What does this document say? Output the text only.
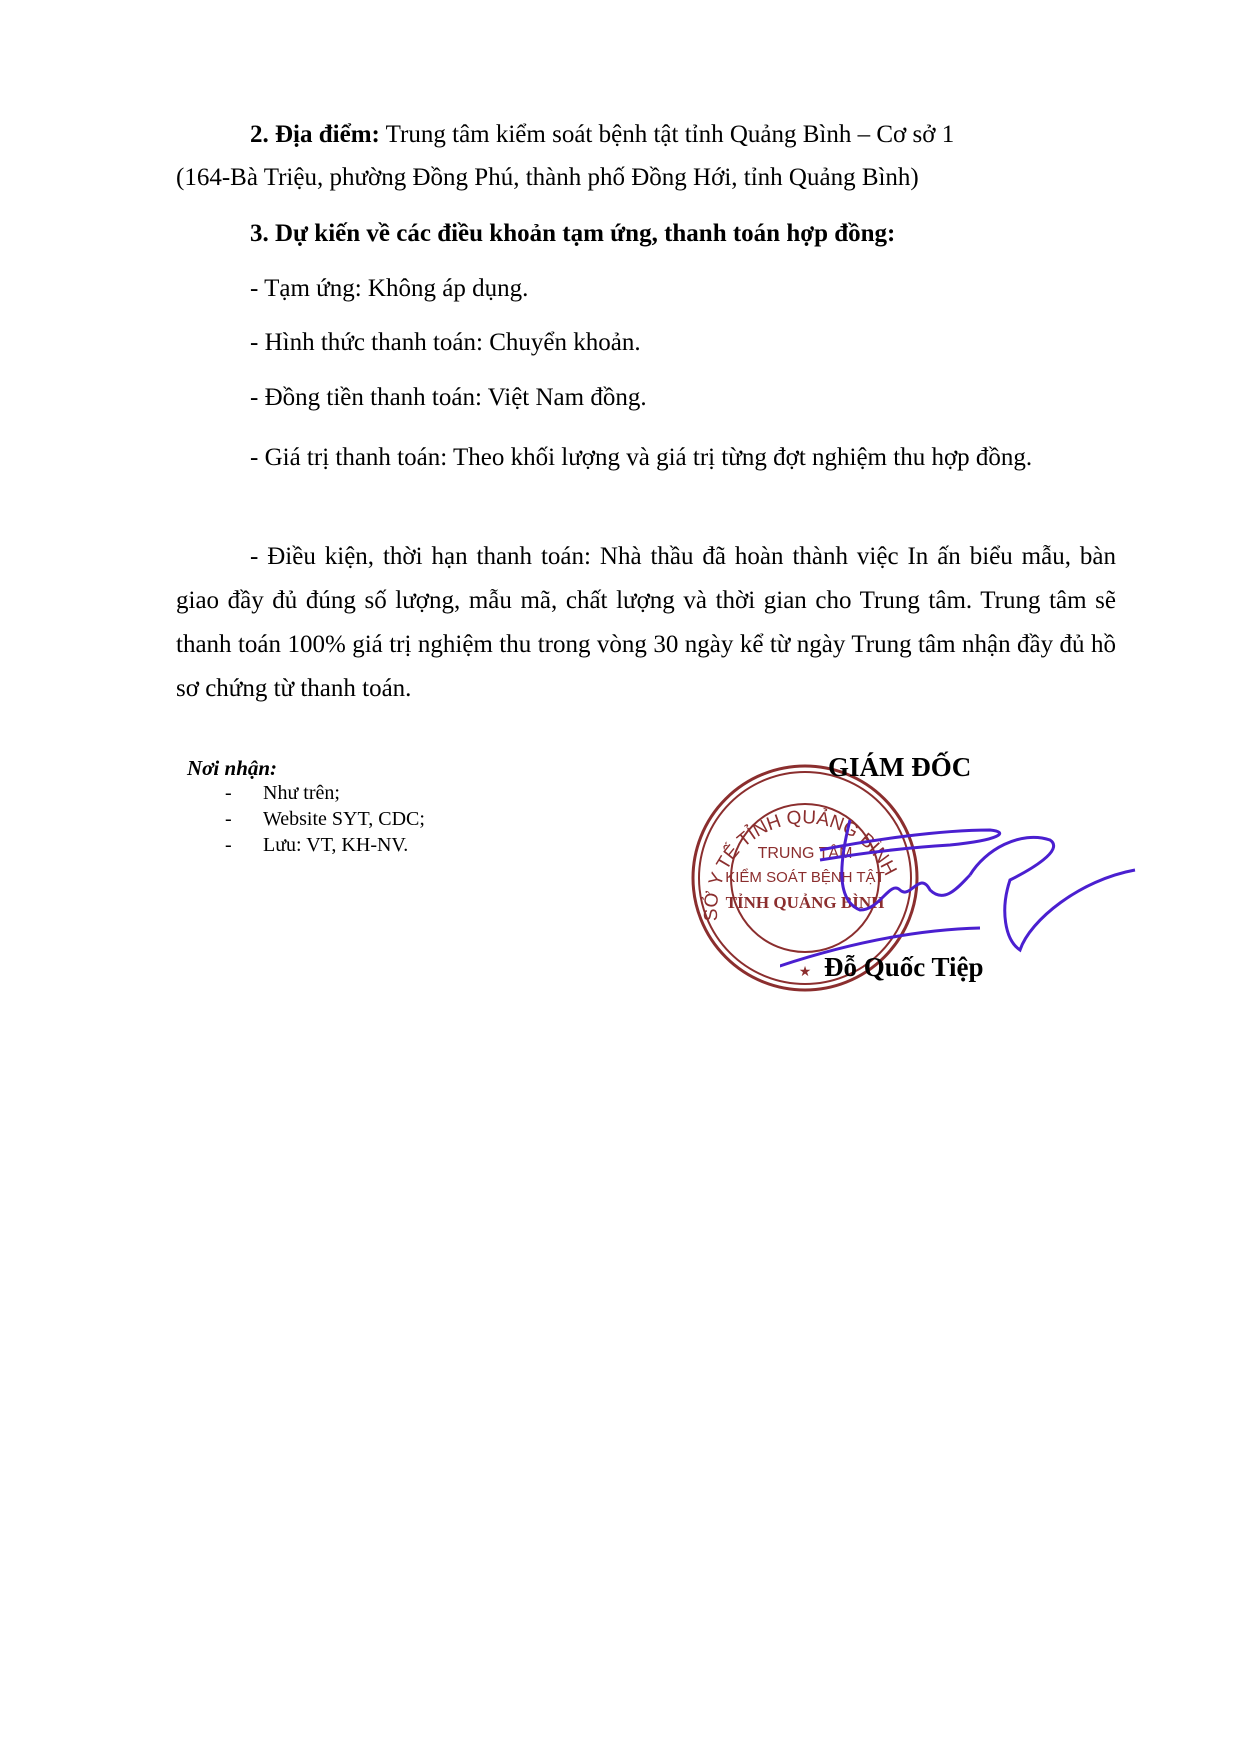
2. Địa điểm: Trung tâm kiểm soát bệnh tật tỉnh Quảng Bình – Cơ sở 1
(164-Bà Triệu, phường Đồng Phú, thành phố Đồng Hới, tỉnh Quảng Bình)
3. Dự kiến về các điều khoản tạm ứng, thanh toán hợp đồng:
- Tạm ứng: Không áp dụng.
- Hình thức thanh toán: Chuyển khoản.
- Đồng tiền thanh toán: Việt Nam đồng.
- Giá trị thanh toán: Theo khối lượng và giá trị từng đợt nghiệm thu hợp đồng.
- Điều kiện, thời hạn thanh toán: Nhà thầu đã hoàn thành việc In ấn biểu mẫu, bàn giao đầy đủ đúng số lượng, mẫu mã, chất lượng và thời gian cho Trung tâm. Trung tâm sẽ thanh toán 100% giá trị nghiệm thu trong vòng 30 ngày kể từ ngày Trung tâm nhận đầy đủ hồ sơ chứng từ thanh toán.
Nơi nhận:
- Như trên;
- Website SYT, CDC;
- Lưu: VT, KH-NV.
SỞ Y TẾ TỈNH QUẢNG BÌNH
TRUNG TÂM
KIỂM SOÁT BỆNH TẬT
TỈNH QUẢNG BÌNH
★
GIÁM ĐỐC
Đỗ Quốc Tiệp
